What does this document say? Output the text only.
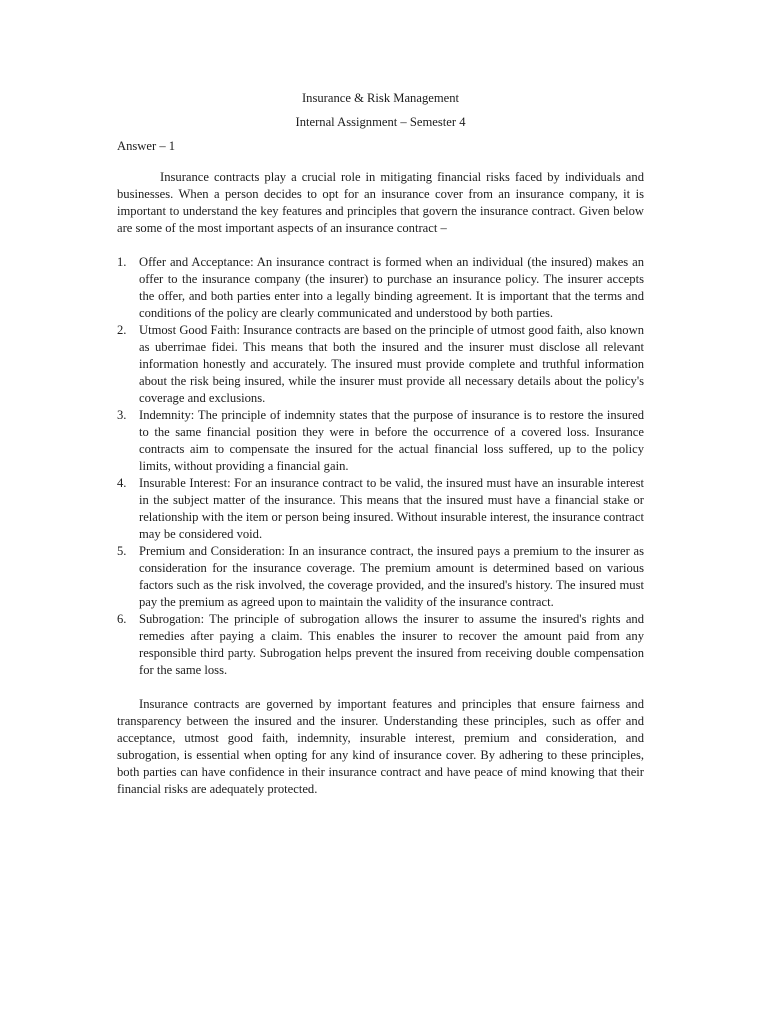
Insurance & Risk Management

Internal Assignment – Semester 4

Answer – 1

Insurance contracts play a crucial role in mitigating financial risks faced by individuals and businesses. When a person decides to opt for an insurance cover from an insurance company, it is important to understand the key features and principles that govern the insurance contract. Given below are some of the most important aspects of an insurance contract –

1. Offer and Acceptance: An insurance contract is formed when an individual (the insured) makes an offer to the insurance company (the insurer) to purchase an insurance policy. The insurer accepts the offer, and both parties enter into a legally binding agreement. It is important that the terms and conditions of the policy are clearly communicated and understood by both parties.
2. Utmost Good Faith: Insurance contracts are based on the principle of utmost good faith, also known as uberrimae fidei. This means that both the insured and the insurer must disclose all relevant information honestly and accurately. The insured must provide complete and truthful information about the risk being insured, while the insurer must provide all necessary details about the policy's coverage and exclusions.
3. Indemnity: The principle of indemnity states that the purpose of insurance is to restore the insured to the same financial position they were in before the occurrence of a covered loss. Insurance contracts aim to compensate the insured for the actual financial loss suffered, up to the policy limits, without providing a financial gain.
4. Insurable Interest: For an insurance contract to be valid, the insured must have an insurable interest in the subject matter of the insurance. This means that the insured must have a financial stake or relationship with the item or person being insured. Without insurable interest, the insurance contract may be considered void.
5. Premium and Consideration: In an insurance contract, the insured pays a premium to the insurer as consideration for the insurance coverage. The premium amount is determined based on various factors such as the risk involved, the coverage provided, and the insured's history. The insured must pay the premium as agreed upon to maintain the validity of the insurance contract.
6. Subrogation: The principle of subrogation allows the insurer to assume the insured's rights and remedies after paying a claim. This enables the insurer to recover the amount paid from any responsible third party. Subrogation helps prevent the insured from receiving double compensation for the same loss.

Insurance contracts are governed by important features and principles that ensure fairness and transparency between the insured and the insurer. Understanding these principles, such as offer and acceptance, utmost good faith, indemnity, insurable interest, premium and consideration, and subrogation, is essential when opting for any kind of insurance cover. By adhering to these principles, both parties can have confidence in their insurance contract and have peace of mind knowing that their financial risks are adequately protected.
